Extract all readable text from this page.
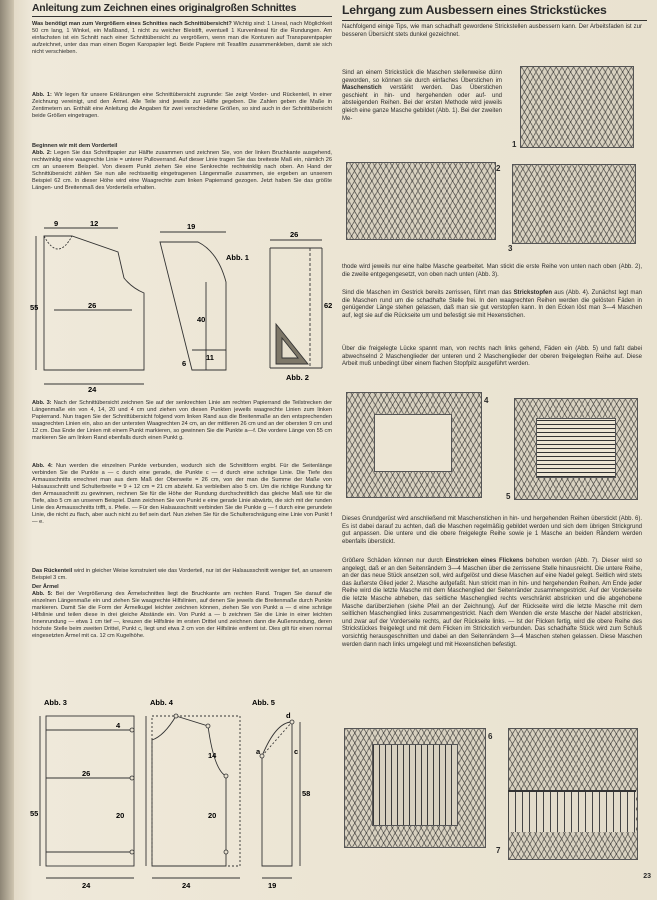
Anleitung zum Zeichnen eines originalgroßen Schnittes

Was benötigt man zum Vergrößern eines Schnittes nach Schnittübersicht? Wichtig sind: 1 Lineal, nach Möglichkeit 50 cm lang, 1 Winkel, ein Maßband, 1 nicht zu weicher Bleistift, eventuell 1 Kurvenlineal für die Rundungen. Am einfachsten ist ein Schnitt nach einer Schnittübersicht zu vergrößern, wenn man die Konturen auf Transparentpapier aufzeichnet, unter das man einen Bogen Karopapier legt. Beide Papiere mit Tesafilm zusammenkleben, damit sie sich nicht verschieben.

Abb. 1: Wir legen für unsere Erklärungen eine Schnittübersicht zugrunde: Sie zeigt Vorder- und Rückenteil, in einer Zeichnung vereinigt, und den Ärmel. Alle Teile sind jeweils zur Hälfte gegeben. Die Zahlen geben die Maße in Zentimetern an. Enthält eine Anleitung die Angaben für zwei verschiedene Größen, so sind auch in der Schnittübersicht beide Größen eingetragen.

Beginnen wir mit dem Vorderteil
Abb. 2: Legen Sie das Schnittpapier zur Hälfte zusammen und zeichnen Sie, von der linken Bruchkante ausgehend, rechtwinklig eine waagrechte Linie = unterer Pulloverrand. Auf dieser Linie tragen Sie das breiteste Maß ein, nämlich 26 cm an unserem Beispiel. Von diesem Punkt ziehen Sie eine Senkrechte rechtwinklig nach oben. An Hand der Schnittübersicht zählen Sie nun alle rechtsseitig eingetragenen Längenmaße zusammen, sie ergeben an unserem Beispiel 62 cm. In dieser Höhe wird eine Waagrechte zum linken Papierrand gezogen. Jetzt haben Sie das größte Längen- und Breitenmaß des Vorderteils erhalten.

9	12
26
24
55
19
40
11
6
26
62
Abb. 1
Abb. 2

Abb. 3: Nach der Schnittübersicht zeichnen Sie auf der senkrechten Linie am rechten Papierrand die Teilstrecken der Längenmaße ein von 4, 14, 20 und 4 cm und ziehen von diesen Punkten jeweils waagrechte Linien zum linken Papierrand. Nun tragen Sie der Schnittübersicht folgend vom linken Rand aus die Breitenmaße an den entsprechenden waagrechten Linien ein, also an der untersten Waagrechten 24 cm, an der mittleren 26 cm und an der obersten 9 cm und 12 cm. Das Ende der Linien mit einem Punkt markieren, so gewinnen Sie die Punkte a—f. Die vordere Länge von 55 cm markieren Sie am linken Rand ebenfalls durch einen Punkt g.

Abb. 4: Nun werden die einzelnen Punkte verbunden, wodurch sich die Schnittform ergibt. Für die Seitenlänge verbinden Sie die Punkte a — c durch eine gerade, die Punkte c — d durch eine schräge Linie. Die Tiefe des Armausschnitts errechnet man aus dem Maß der Oberweite = 26 cm, von der man die Summe der Maße von Halsausschnitt und Schulterbreite = 9 + 12 cm = 21 cm abzieht. Es verbleiben also 5 cm. Um die richtige Rundung für den Armausschnitt zu gewinnen, rechnen Sie für die Höhe der Rundung durchschnittlich das gleiche Maß wie für die Tiefe, also 5 cm an unserem Beispiel. Dann zeichnen Sie von Punkt e eine gerade Linie abwärts, die sich mit der runden Linie des Armausschnitts trifft, s. Pfeile. — Für den Halsausschnitt verbinden Sie die Punkte g — f durch eine gerundete Linie, die nicht zu flach, aber auch nicht zu tief sein darf. Nun ziehen Sie für die Schulterschrägung eine Linie von Punkt f — e.

Das Rückenteil wird in gleicher Weise konstruiert wie das Vorderteil, nur ist der Halsausschnitt weniger tief, an unserem Beispiel 3 cm.

Der Ärmel
Abb. 5: Bei der Vergrößerung des Ärmelschnittes liegt die Bruchkante am rechten Rand. Tragen Sie darauf die einzelnen Längenmaße ein und ziehen Sie waagrechte Hilfslinien, auf denen Sie jeweils die Breitenmaße durch Punkte markieren. Damit Sie die Form der Ärmelkugel leichter zeichnen können, ziehen Sie von Punkt a — d eine schräge Hilfslinie und teilen diese in drei gleiche Abstände ein. Von Punkt a — b zeichnen Sie die Linie in einer leichten Innenrundung — etwa 1 cm tief —, kreuzen die Hilfslinie im ersten Drittel und zeichnen dann die Außenrundung, deren höchste Stelle beim zweiten Drittel, Punkt c, liegt und etwa 2 cm von der Hilfslinie entfernt ist. Dies gilt für einen normal eingesetzten Ärmel mit ca. 12 cm Kugelhöhe.

Abb. 3	Abb. 4	Abb. 5
55
26
24
20
4
24
20
14
58
19
c
a
d
Lehrgang zum Ausbessern eines Strickstückes

Nachfolgend einige Tips, wie man schadhaft gewordene Strickstellen ausbessern kann. Der Arbeitsfaden ist zur besseren Übersicht stets dunkel gezeichnet.

Sind an einem Strickstück die Maschen stellenweise dünn geworden, so können sie durch einfaches Überstichen im Maschenstich verstärkt werden. Das Überstichen geschieht in hin- und hergehenden oder auf- und absteigenden Reihen. Bei der ersten Methode wird jeweils gleich eine ganze Masche gebildet (Abb. 1). Bei der zweiten Me-

1
2
3

thode wird jeweils nur eine halbe Masche gearbeitet. Man stickt die erste Reihe von unten nach oben (Abb. 2), die zweite entgegengesetzt, von oben nach unten (Abb. 3).

Sind die Maschen im Gestrick bereits zerrissen, führt man das Strickstopfen aus (Abb. 4). Zunächst legt man die Maschen rund um die schadhafte Stelle frei. In den waagrechten Reihen werden die gelösten Fäden in genügender Länge stehen gelassen, daß man sie gut verstopfen kann. In den Ecken löst man 3—4 Maschen auf, legt sie auf die Rückseite um und befestigt sie mit Hexenstichen.

Über die freigelegte Lücke spannt man, von rechts nach links gehend, Fäden ein (Abb. 5) und faßt dabei abwechselnd 2 Maschenglieder der unteren und 2 Maschenglieder der oberen freigelegten Reihe auf. Diese Arbeit muß unbedingt über einem flachen Stopfpilz ausgeführt werden.

4
5

Dieses Grundgerüst wird anschließend mit Maschenstichen in hin- und hergehenden Reihen überstickt (Abb. 6). Es ist dabei darauf zu achten, daß die Maschen regelmäßig gebildet werden und sich dem übrigen Strickgrund gut anpassen. Die untere und die obere freigelegte Reihe sowie je 1 Masche an beiden Rändern werden ebenfalls überstickt.

Größere Schäden können nur durch Einstricken eines Flickens behoben werden (Abb. 7). Dieser wird so angelegt, daß er an den Seitenrändern 3—4 Maschen über die zerrissene Stelle hinausreicht. Die untere Reihe, an der das neue Stück ansetzen soll, wird aufgelöst und diese Maschen auf eine Nadel gelegt. Seitlich wird stets das äußerste Glied jeder 2. Masche aufgefaßt. Nun strickt man in hin- und hergehenden Reihen. Am Ende jeder Reihe wird die letzte Masche mit dem Maschenglied der Seitenränder zusammengestrickt. Auf der Vorderseite die letzte Masche abheben, das seitliche Maschenglied rechts verschränkt abstricken und die abgehobene Masche darüberziehen (siehe Pfeil an der Zeichnung). Auf der Rückseite wird die letzte Masche mit dem seitlichen Maschenglied links zusammengestrickt. Nach dem Wenden die erste Masche der Nadel abstricken, und zwar auf der Vorderseite rechts, auf der Rückseite links. — Ist der Flicken fertig, wird die obere Reihe des Strickstückes freigelegt und mit dem Flicken im Strickstich verbunden. Das schadhafte Stück wird zum Schluß vorsichtig herausgeschnitten und dabei an den Seitenrändern 3—4 Maschen stehen gelassen. Diese Maschen werden dann nach links umgelegt und mit Hexenstichen befestigt.

6
7
23
